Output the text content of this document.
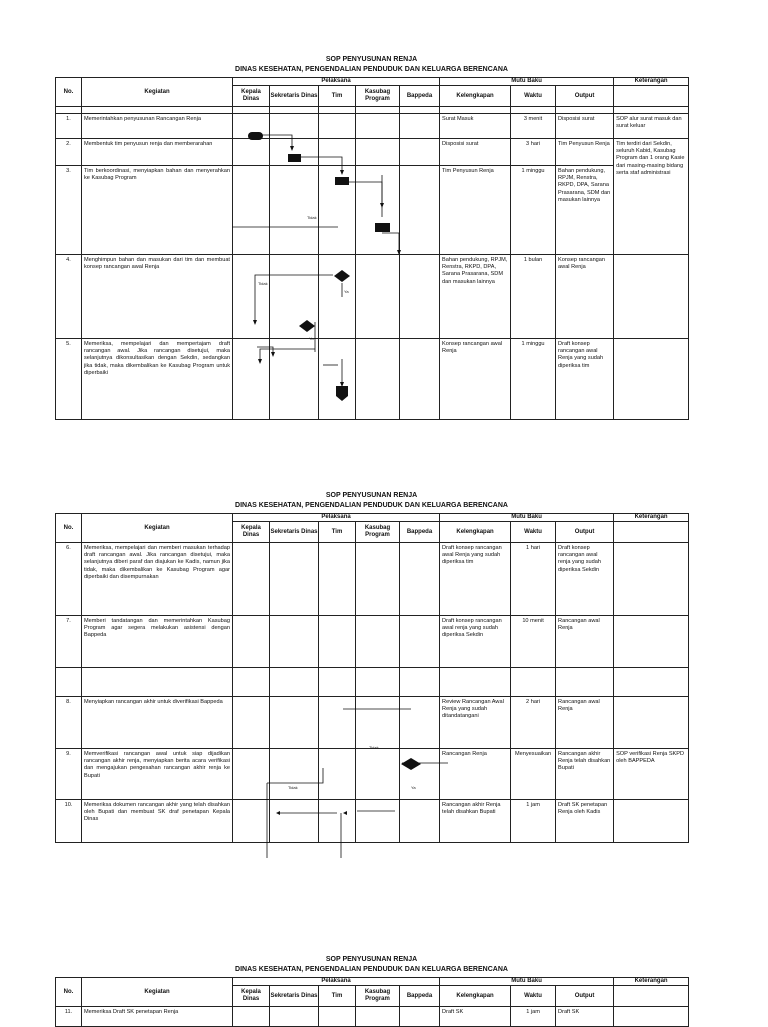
SOP PENYUSUNAN RENJA
DINAS KESEHATAN, PENGENDALIAN PENDUDUK DAN KELUARGA BERENCANA
No.	Kegiatan	Pelaksana					Mutu Baku			Keterangan
		Kepala Dinas	Sekretaris Dinas	Tim	Kasubag Program	Bappeda	Kelengkapan	Waktu	Output	

1.	Memerintahkan penyusunan Rancangan Renja						Surat Masuk	3 menit	Disposisi surat	SOP alur surat masuk dan surat keluar
2.	Membentuk tim penyusun renja dan memberarahan						Disposisi surat	3 hari	Tim Penyusun Renja	Tim terdiri dari Sekdin, seluruh Kabid, Kasubag Program dan 1 orang Kasie dari masing-masing bidang serta staf administrasi
3.	Tim berkoordinasi, menyiapkan bahan dan menyerahkan ke Kasubag Program						Tim Penyusun Renja	1 minggu	Bahan pendukung, RPJM, Renstra, RKPD, DPA, Sarana Prasarana, SDM dan masukan lainnya	
4.	Menghimpun bahan dan masukan dari tim dan membuat konsep rancangan awal Renja						Bahan pendukung, RPJM, Renstra, RKPD, DPA, Sarana Prasarana, SDM dan masukan lainnya	1 bulan	Konsep rancangan awal Renja	
5.	Memeriksa, mempelajari dan mempertajam draft rancangan awal. Jika rancangan disetujui, maka selanjutnya dikonsultasikan dengan Sekdin, sedangkan jika tidak, maka dikembalikan ke Kasubag Program untuk diperbaiki						Konsep rancangan awal Renja	1 minggu	Draft konsep rancangan awal Renja yang sudah diperiksa tim	
Tidak
Tidak
Ya
Ya
SOP PENYUSUNAN RENJA
DINAS KESEHATAN, PENGENDALIAN PENDUDUK DAN KELUARGA BERENCANA
No.	Kegiatan	Pelaksana					Mutu Baku			Keterangan
		Kepala Dinas	Sekretaris Dinas	Tim	Kasubag Program	Bappeda	Kelengkapan	Waktu	Output	
6.	Memeriksa, mempelajari dan memberi masukan terhadap draft rancangan awal. Jika rancangan disetujui, maka selanjutnya diberi paraf dan diajukan ke Kadis, namun jika tidak, maka dikembalikan ke Kasubag Program agar diperbaiki dan disempurnakan						Draft konsep rancangan awal Renja yang sudah diperiksa tim	1 hari	Draft konsep rancangan awal renja yang sudah diperiksa Sekdin	
7.	Memberi tandatangan dan memerintahkan Kasubag Program agar segera melakukan asistensi dengan Bappeda						Draft konsep rancangan awal renja yang sudah diperiksa Sekdin	10 menit	Rancangan awal Renja	

8.	Menyiapkan rancangan akhir untuk diverifikasi Bappeda						Review Rancangan Awal Renja yang sudah ditandatangani	2 hari	Rancangan awal Renja	
9.	Memverifikasi rancangan awal untuk siap dijadikan rancangan akhir renja, menyiapkan berita acara verifikasi dan mengajukan pengesahan rancangan akhir renja ke Bupati						Rancangan Renja	Menyesuaikan	Rancangan akhir Renja telah disahkan Bupati	SOP verifikasi Renja SKPD oleh BAPPEDA
10.	Memeriksa dokumen rancangan akhir yang telah disahkan oleh Bupati dan membuat SK draf penetapan Kepala Dinas						Rancangan akhir Renja telah disahkan Bupati	1 jam	Draft SK penetapan Renja oleh Kadis	
Tidak
Tidak	Ya
SOP PENYUSUNAN RENJA
DINAS KESEHATAN, PENGENDALIAN PENDUDUK DAN KELUARGA BERENCANA
No.	Kegiatan	Pelaksana					Mutu Baku			Keterangan
		Kepala Dinas	Sekretaris Dinas	Tim	Kasubag Program	Bappeda	Kelengkapan	Waktu	Output	
11.	Memeriksa Draft SK penetapan Renja						Draft SK	1 jam	Draft SK	
